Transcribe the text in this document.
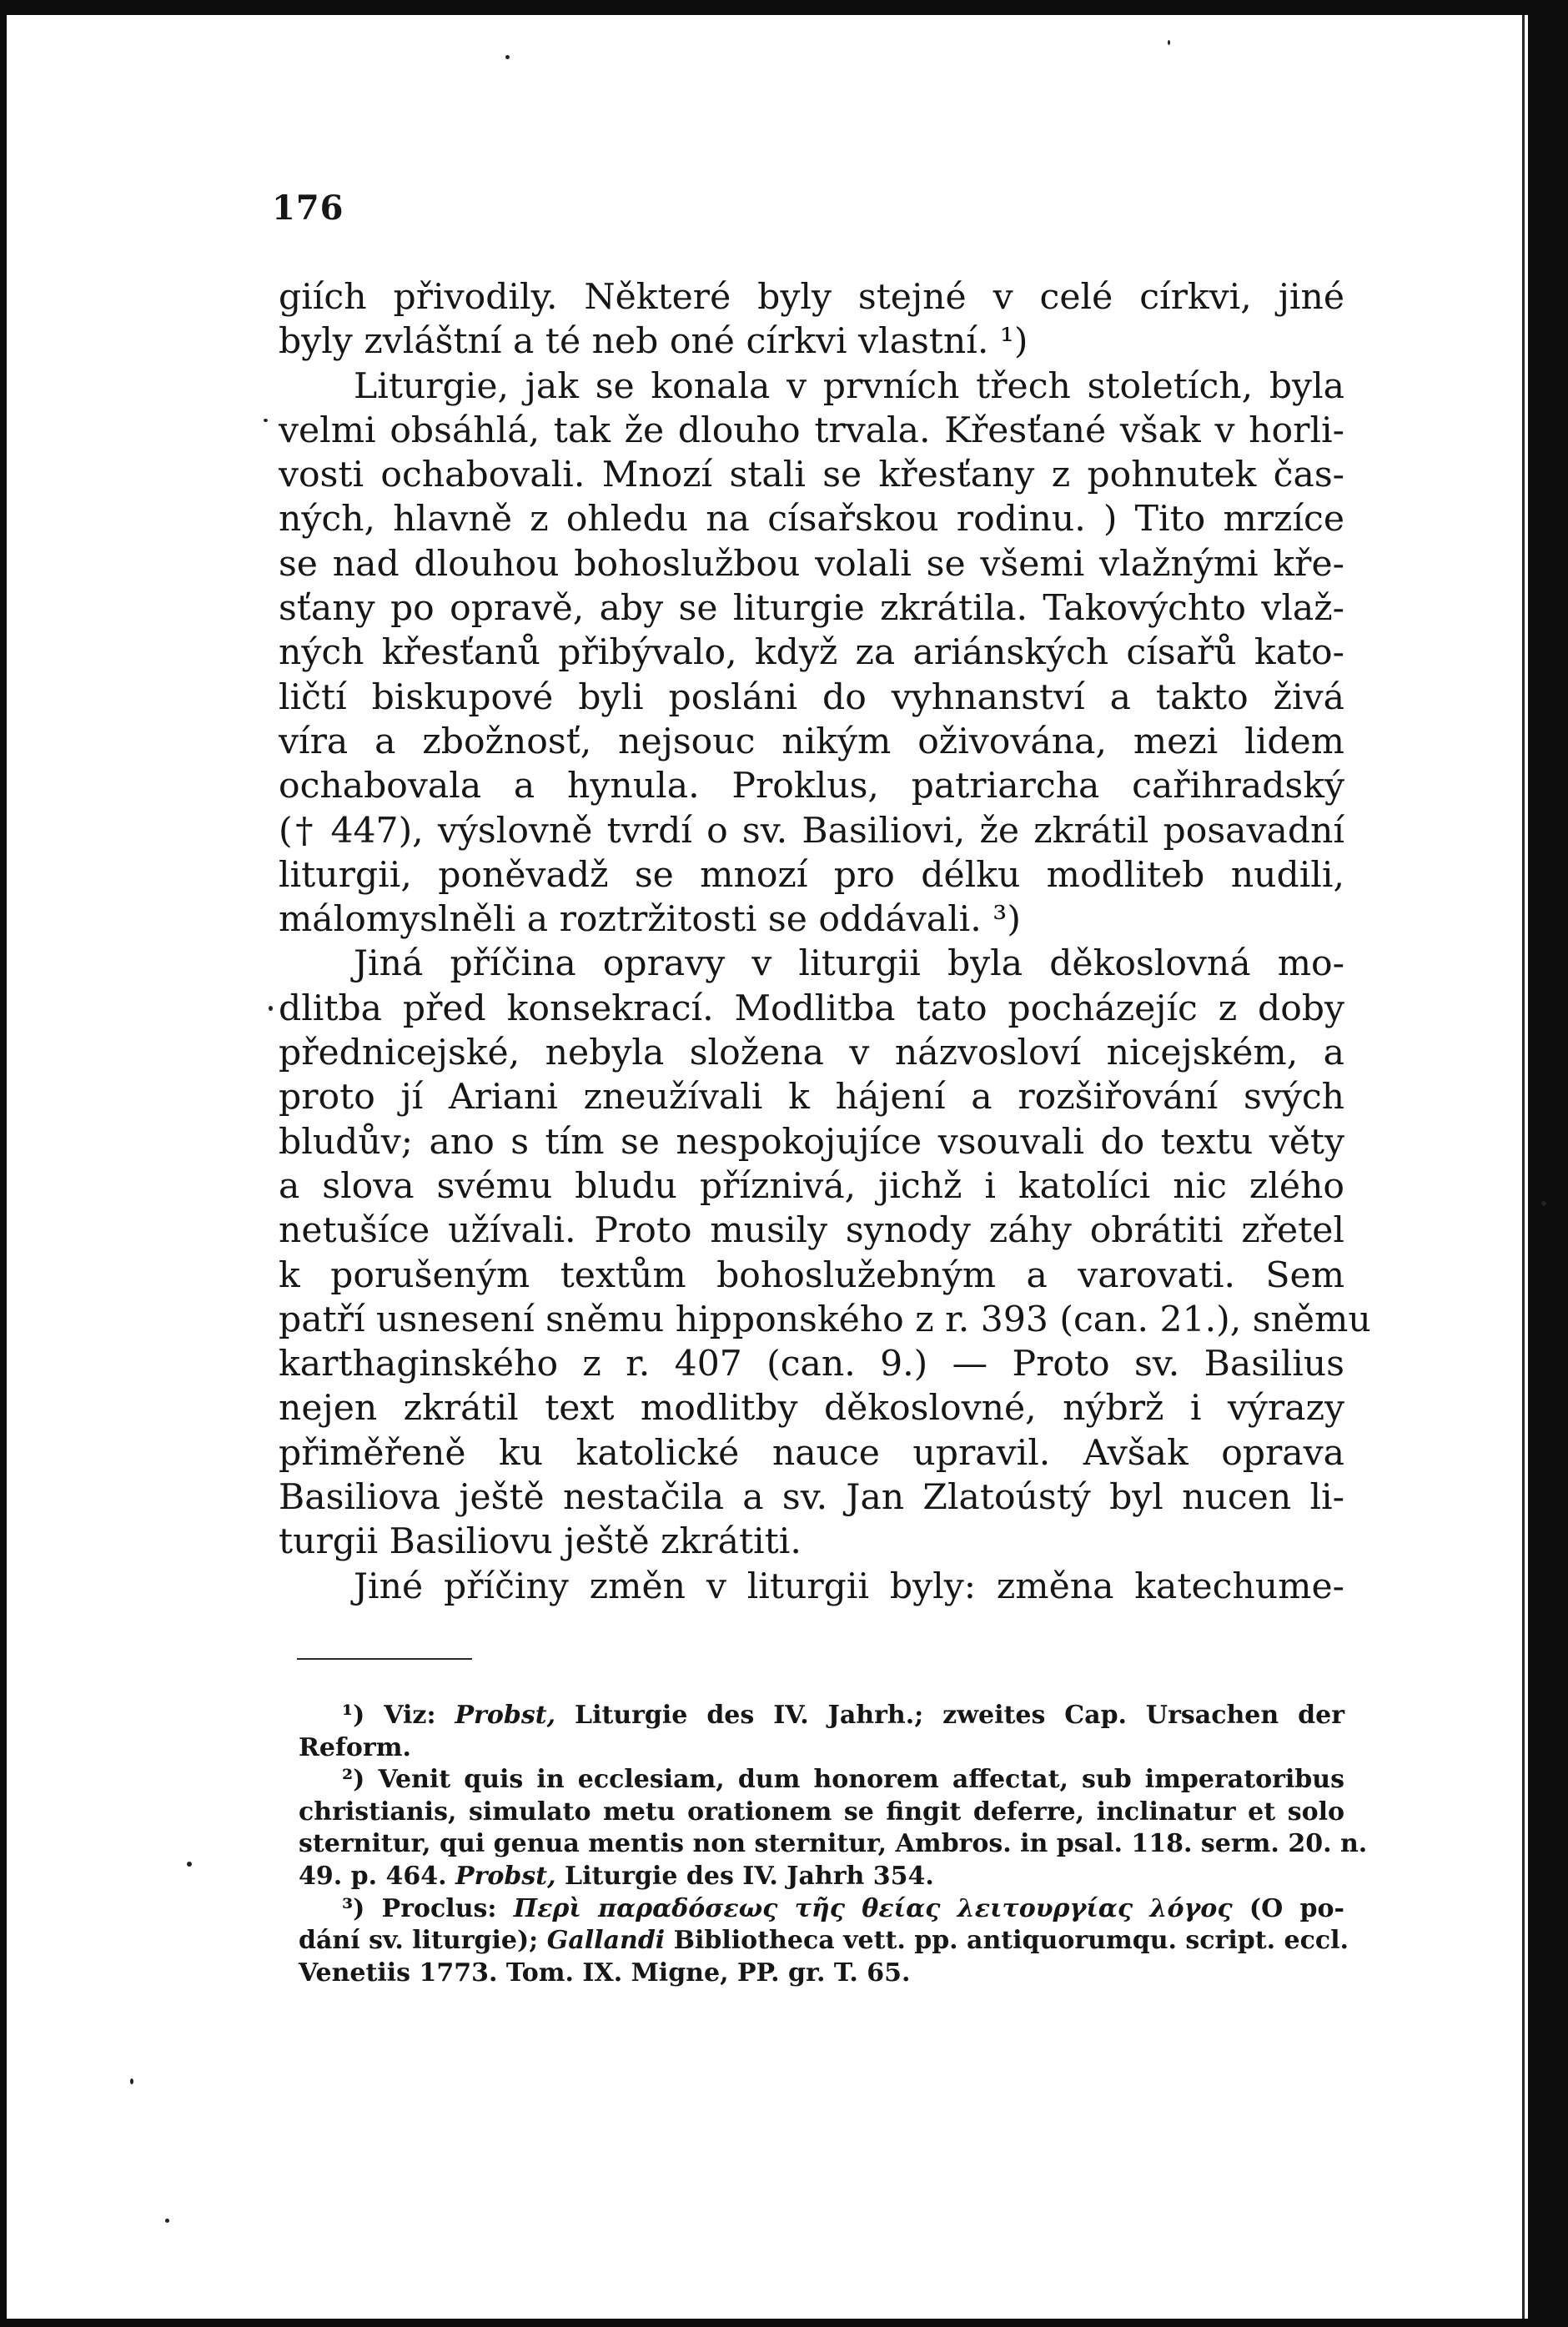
176
giích přivodily. Některé byly stejné v celé církvi, jiné
byly zvláštní a té neb oné církvi vlastní. ¹)
Liturgie, jak se konala v prvních třech stoletích, byla
velmi obsáhlá, tak že dlouho trvala. Křesťané však v horli-
vosti ochabovali. Mnozí stali se křesťany z pohnutek čas-
ných, hlavně z ohledu na císařskou rodinu. ) Tito mrzíce
se nad dlouhou bohoslužbou volali se všemi vlažnými kře-
sťany po opravě, aby se liturgie zkrátila. Takovýchto vlaž-
ných křesťanů přibývalo, když za ariánských císařů kato-
ličtí biskupové byli posláni do vyhnanství a takto živá
víra a zbožnosť, nejsouc nikým oživována, mezi lidem
ochabovala a hynula. Proklus, patriarcha cařihradský
(† 447), výslovně tvrdí o sv. Basiliovi, že zkrátil posavadní
liturgii, poněvadž se mnozí pro délku modliteb nudili,
málomyslněli a roztržitosti se oddávali. ³)
Jiná příčina opravy v liturgii byla děkoslovná mo-
dlitba před konsekrací. Modlitba tato pocházejíc z doby
přednicejské, nebyla složena v názvosloví nicejském, a
proto jí Ariani zneužívali k hájení a rozšiřování svých
bludův; ano s tím se nespokojujíce vsouvali do textu věty
a slova svému bludu příznivá, jichž i katolíci nic zlého
netušíce užívali. Proto musily synody záhy obrátiti zřetel
k porušeným textům bohoslužebným a varovati. Sem
patří usnesení sněmu hipponského z r. 393 (can. 21.), sněmu
karthaginského z r. 407 (can. 9.) — Proto sv. Basilius
nejen zkrátil text modlitby děkoslovné, nýbrž i výrazy
přiměřeně ku katolické nauce upravil. Avšak oprava
Basiliova ještě nestačila a sv. Jan Zlatoústý byl nucen li-
turgii Basiliovu ještě zkrátiti.
Jiné příčiny změn v liturgii byly: změna katechume-
¹) Viz: Probst, Liturgie des IV. Jahrh.; zweites Cap. Ursachen der
Reform.
²) Venit quis in ecclesiam, dum honorem affectat, sub imperatoribus
christianis, simulato metu orationem se fingit deferre, inclinatur et solo
sternitur, qui genua mentis non sternitur, Ambros. in psal. 118. serm. 20. n.
49. p. 464. Probst, Liturgie des IV. Jahrh 354.
³) Proclus: Περὶ παραδόσεως τῆς θείας λειτουργίας λόγος (O po-
dání sv. liturgie); Gallandi Bibliotheca vett. pp. antiquorumqu. script. eccl.
Venetiis 1773. Tom. IX. Migne, PP. gr. T. 65.
